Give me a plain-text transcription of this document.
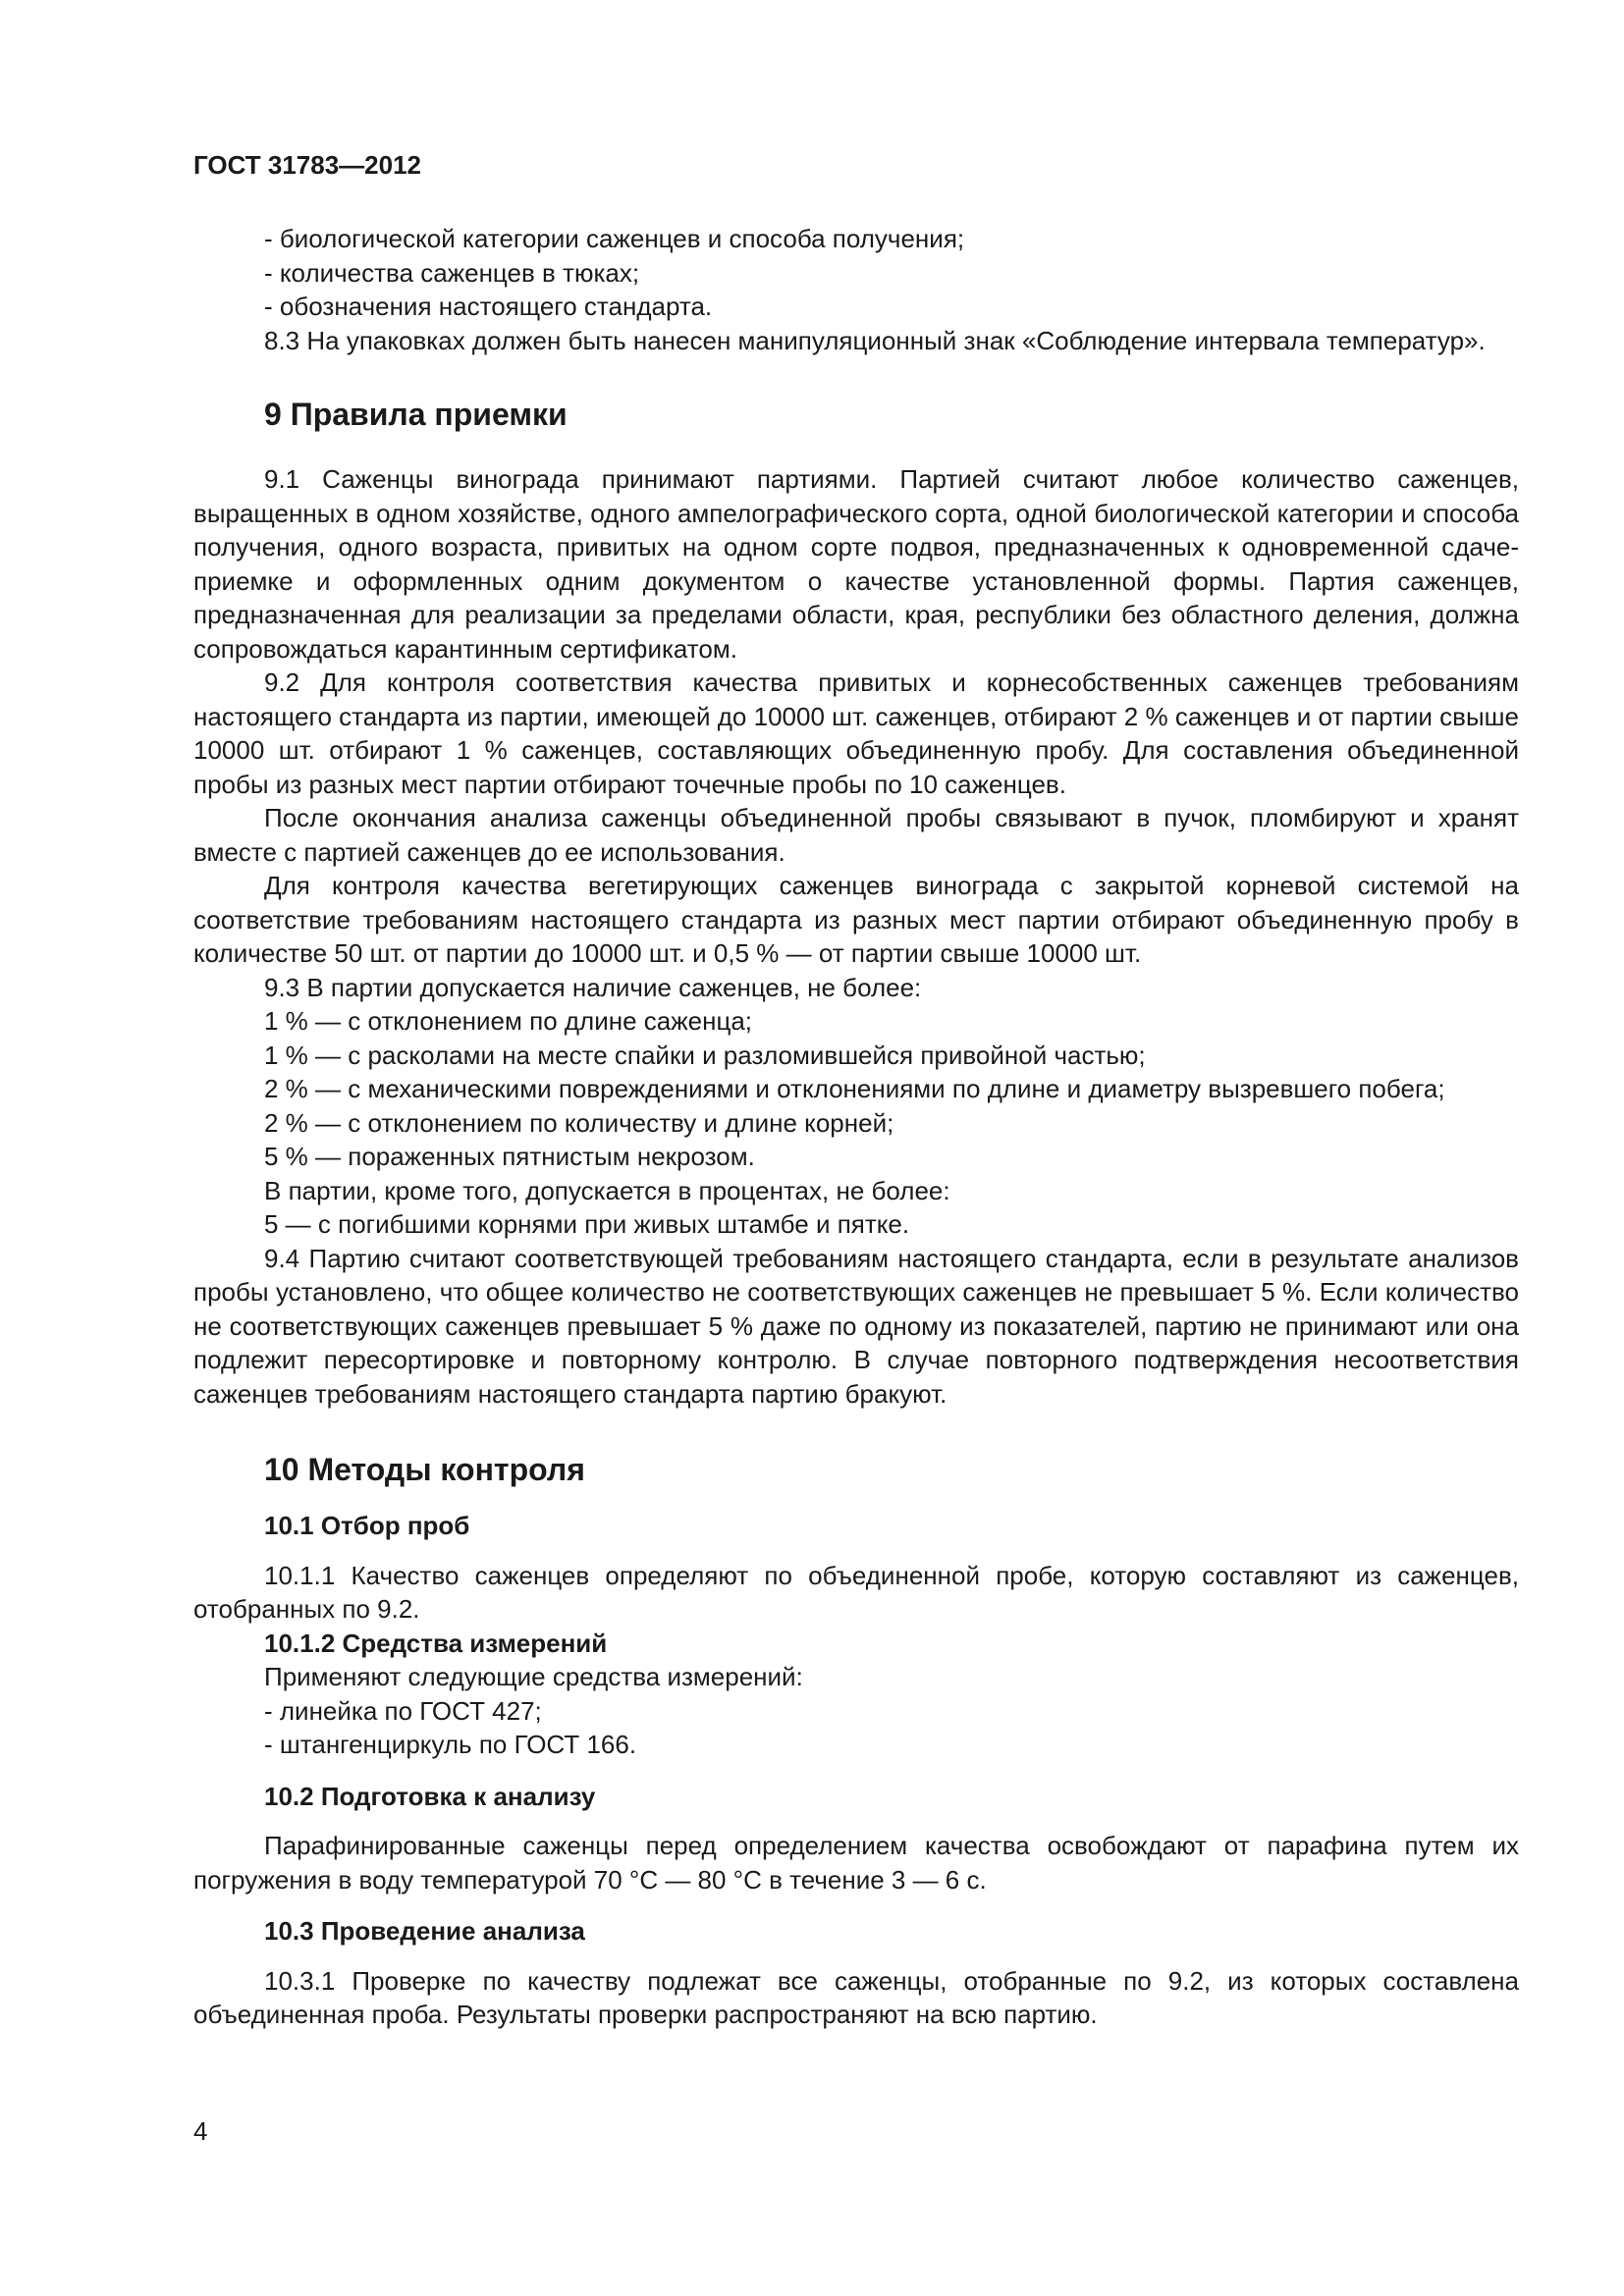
ГОСТ 31783—2012

- биологической категории саженцев и способа получения;

- количества саженцев в тюках;

- обозначения настоящего стандарта.

8.3 На упаковках должен быть нанесен манипуляционный знак «Соблюдение интервала температур».

9 Правила приемки

9.1 Саженцы винограда принимают партиями. Партией считают любое количество саженцев, выращенных в одном хозяйстве, одного ампелографического сорта, одной биологической категории и способа получения, одного возраста, привитых на одном сорте подвоя, предназначенных к одновременной сдаче-приемке и оформленных одним документом о качестве установленной формы. Партия саженцев, предназначенная для реализации за пределами области, края, республики без областного деления, должна сопровождаться карантинным сертификатом.

9.2 Для контроля соответствия качества привитых и корнесобственных саженцев требованиям настоящего стандарта из партии, имеющей до 10000 шт. саженцев, отбирают 2 % саженцев и от партии свыше 10000 шт. отбирают 1 % саженцев, составляющих объединенную пробу. Для составления объединенной пробы из разных мест партии отбирают точечные пробы по 10 саженцев.

После окончания анализа саженцы объединенной пробы связывают в пучок, пломбируют и хранят вместе с партией саженцев до ее использования.

Для контроля качества вегетирующих саженцев винограда с закрытой корневой системой на соответствие требованиям настоящего стандарта из разных мест партии отбирают объединенную пробу в количестве 50 шт. от партии до 10000 шт. и 0,5 % — от партии свыше 10000 шт.

9.3 В партии допускается наличие саженцев, не более:

1 % — с отклонением по длине саженца;

1 % — с расколами на месте спайки и разломившейся привойной частью;

2 % — с механическими повреждениями и отклонениями по длине и диаметру вызревшего побега;

2 % — с отклонением по количеству и длине корней;

5 % — пораженных пятнистым некрозом.

В партии, кроме того, допускается в процентах, не более:

5 — с погибшими корнями при живых штамбе и пятке.

9.4 Партию считают соответствующей требованиям настоящего стандарта, если в результате анализов пробы установлено, что общее количество не соответствующих саженцев не превышает 5 %. Если количество не соответствующих саженцев превышает 5 % даже по одному из показателей, партию не принимают или она подлежит пересортировке и повторному контролю. В случае повторного подтверждения несоответствия саженцев требованиям настоящего стандарта партию бракуют.

10 Методы контроля
10.1 Отбор проб

10.1.1 Качество саженцев определяют по объединенной пробе, которую составляют из саженцев, отобранных по 9.2.

10.1.2 Средства измерений

Применяют следующие средства измерений:

- линейка по ГОСТ 427;

- штангенциркуль по ГОСТ 166.

10.2 Подготовка к анализу

Парафинированные саженцы перед определением качества освобождают от парафина путем их погружения в воду температурой 70 °С — 80 °С в течение 3 — 6 с.

10.3 Проведение анализа

10.3.1 Проверке по качеству подлежат все саженцы, отобранные по 9.2, из которых составлена объединенная проба. Результаты проверки распространяют на всю партию.

4
